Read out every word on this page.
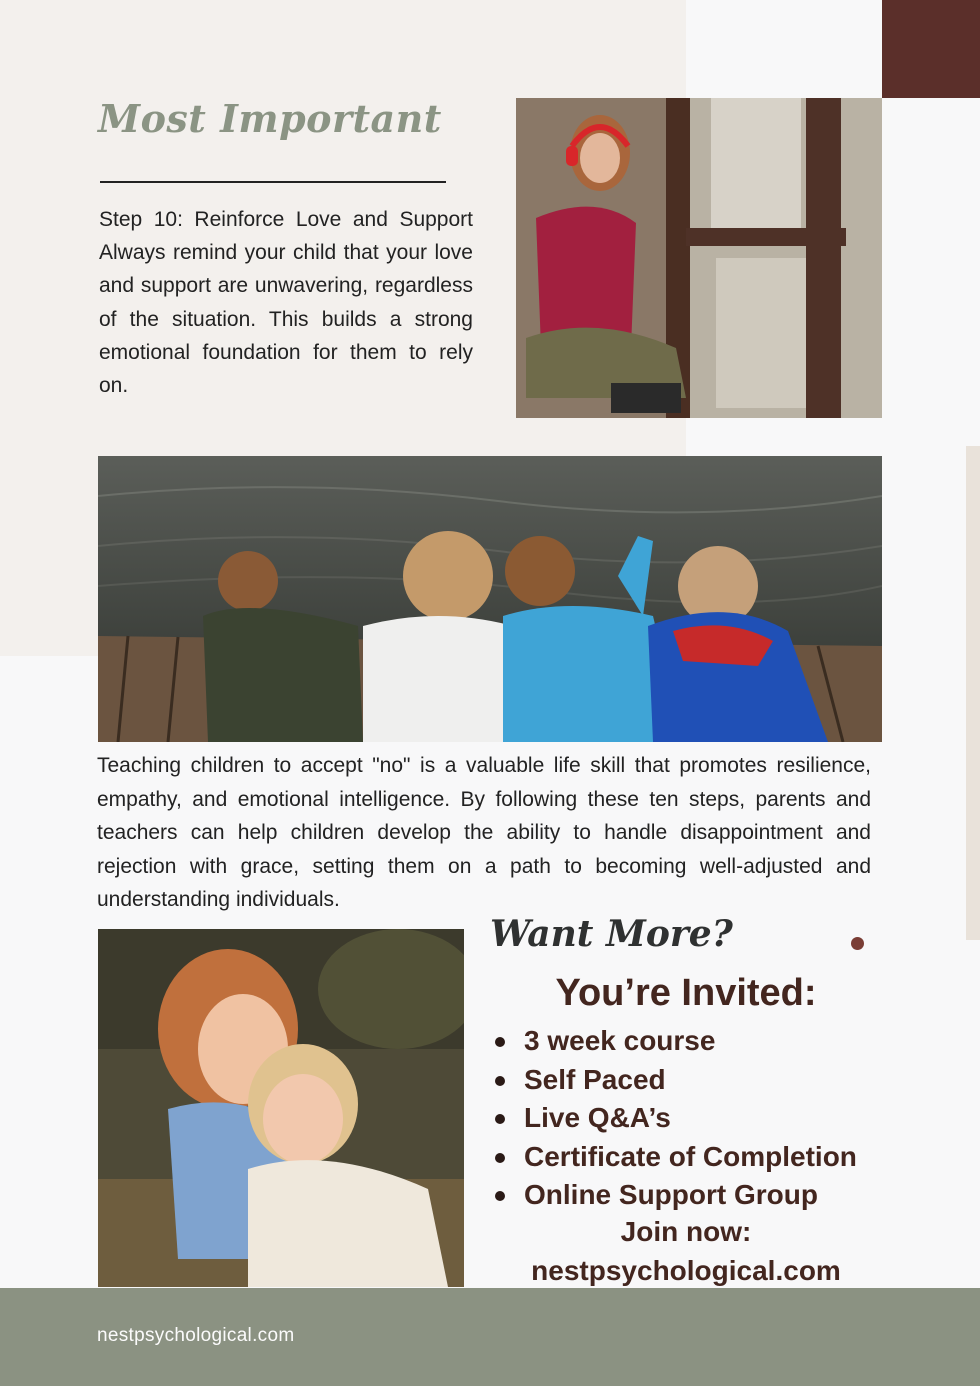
Most Important
Step 10: Reinforce Love and Support Always remind your child that your love and support are unwavering, regardless of the situation. This builds a strong emotional foundation for them to rely on.
Teaching children to accept "no" is a valuable life skill that promotes resilience, empathy, and emotional intelligence. By following these ten steps, parents and teachers can help children develop the ability to handle disappointment and rejection with grace, setting them on a path to becoming well-adjusted and understanding individuals.
Want More?
You’re Invited:
3 week course
Self Paced
Live Q&A’s
Certificate of Completion
Online Support Group
Join now:
nestpsychological.com
nestpsychological.com
